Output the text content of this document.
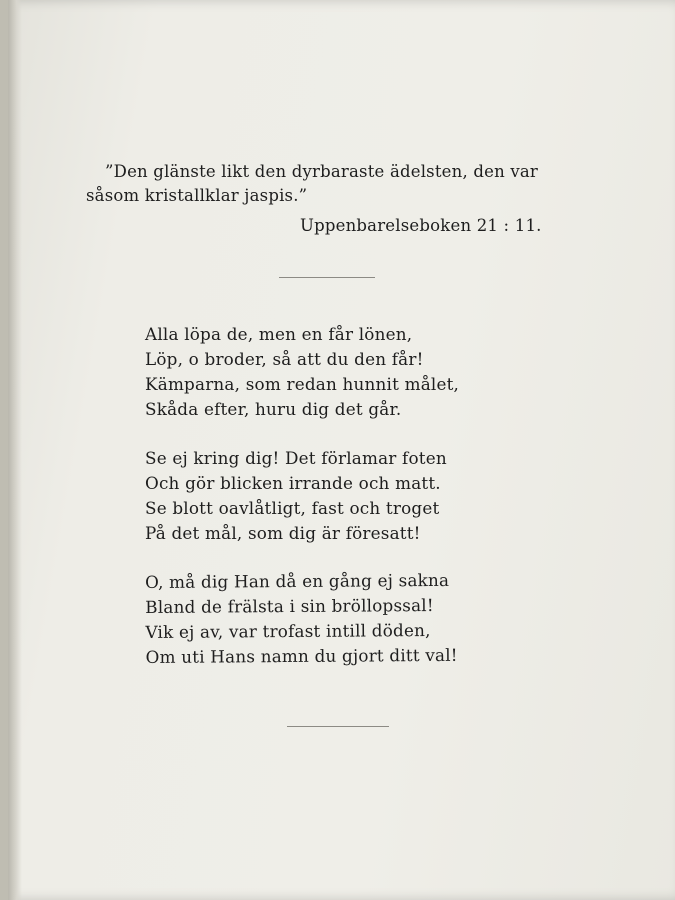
”Den glänste likt den dyrbaraste ädelsten, den var
såsom kristallklar jaspis.”
Uppenbarelseboken 21 : 11.
Alla löpa de, men en får lönen,
Löp, o broder, så att du den får!
Kämparna, som redan hunnit målet,
Skåda efter, huru dig det går.
Se ej kring dig! Det förlamar foten
Och gör blicken irrande och matt.
Se blott oavlåtligt, fast och troget
På det mål, som dig är föresatt!
O, må dig Han då en gång ej sakna
Bland de frälsta i sin bröllopssal!
Vik ej av, var trofast intill döden,
Om uti Hans namn du gjort ditt val!
